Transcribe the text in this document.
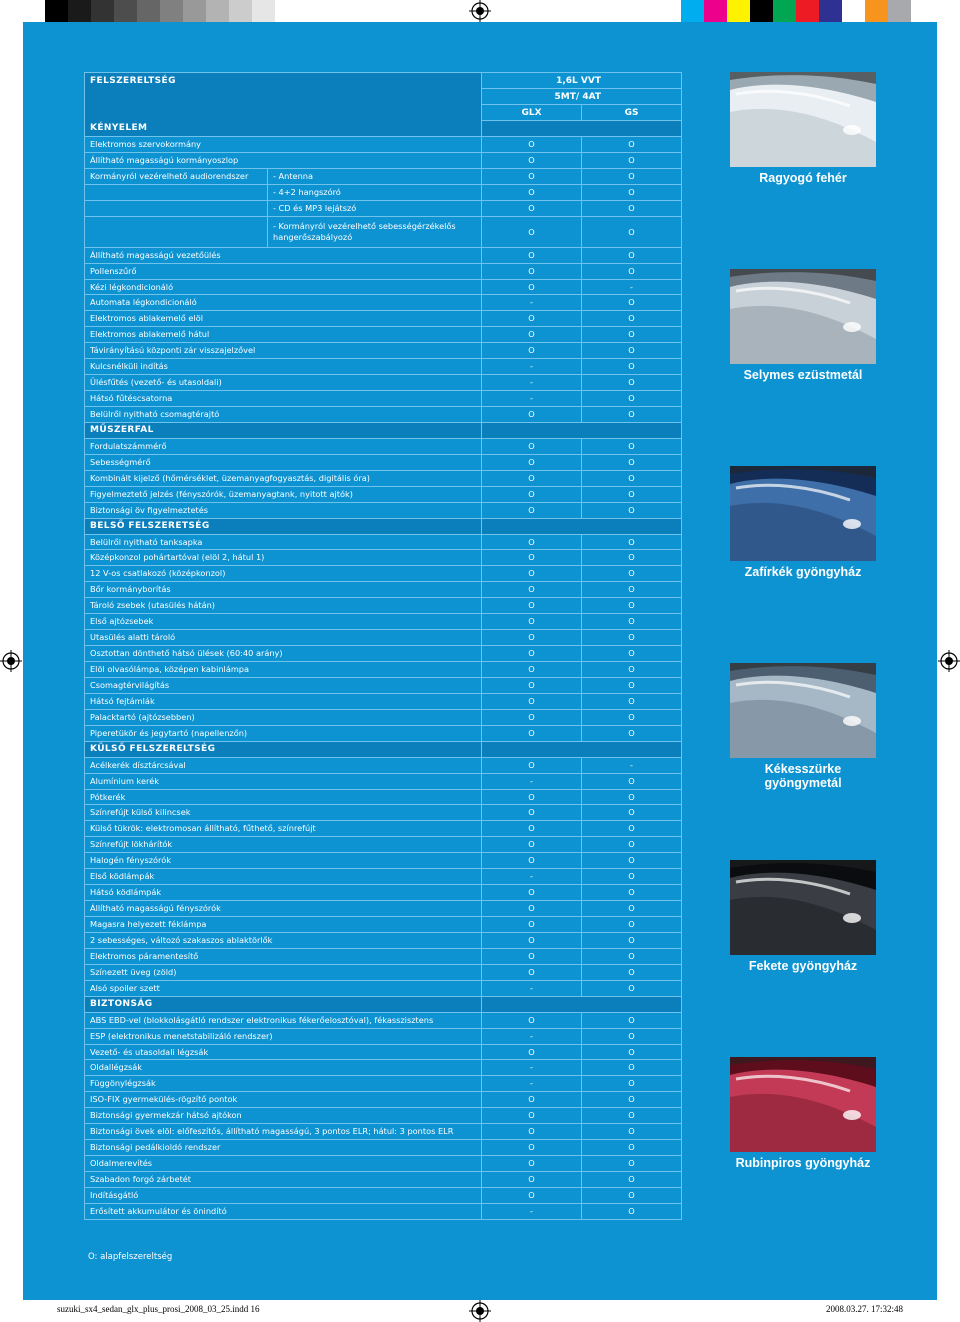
FELSZERELTSÉG	1,6L VVT
5MT/ 4AT
GLX	GS
KÉNYELEM
Elektromos szervokormány	O	O
Állítható magasságú kormányoszlop	O	O
Kormányról vezérelhető audiorendszer	- Antenna	O	O
- 4+2 hangszóró	O	O
- CD és MP3 lejátszó	O	O
- Kormányról vezérelhető sebességérzékelős hangerőszabályozó	O	O
Állítható magasságú vezetőülés	O	O
Pollenszűrő	O	O
Kézi légkondicionáló	O	-
Automata légkondicionáló	-	O
Elektromos ablakemelő elöl	O	O
Elektromos ablakemelő hátul	O	O
Távirányítású központi zár visszajelzővel	O	O
Kulcsnélküli indítás	-	O
Ülésfűtés (vezető- és utasoldali)	-	O
Hátsó fűtéscsatorna	-	O
Belülről nyitható csomagtérajtó	O	O
MŰSZERFAL
Fordulatszámmérő	O	O
Sebességmérő	O	O
Kombinált kijelző (hőmérséklet, üzemanyagfogyasztás, digitális óra)	O	O
Figyelmeztető jelzés (fényszórók, üzemanyagtank, nyitott ajtók)	O	O
Biztonsági öv figyelmeztetés	O	O
BELSŐ FELSZERETSÉG
Belülről nyitható tanksapka	O	O
Középkonzol pohártartóval (elöl 2, hátul 1)	O	O
12 V-os csatlakozó (középkonzol)	O	O
Bőr kormányborítás	O	O
Tároló zsebek (utasülés hátán)	O	O
Első ajtózsebek	O	O
Utasülés alatti tároló	O	O
Osztottan dönthető hátsó ülések (60:40 arány)	O	O
Elöl olvasólámpa, középen kabinlámpa	O	O
Csomagtérvilágítás	O	O
Hátsó fejtámlák	O	O
Palacktartó (ajtózsebben)	O	O
Piperetükör és jegytartó (napellenzőn)	O	O
KÜLSŐ FELSZERELTSÉG
Acélkerék dísztárcsával	O	-
Alumínium kerék	-	O
Pótkerék	O	O
Színrefújt külső kilincsek	O	O
Külső tükrök: elektromosan állítható, fűthető, színrefújt	O	O
Színrefújt lökhárítók	O	O
Halogén fényszórók	O	O
Első ködlámpák	-	O
Hátsó ködlámpák	O	O
Állítható magasságú fényszórók	O	O
Magasra helyezett féklámpa	O	O
2 sebességes, változó szakaszos ablaktörlők	O	O
Elektromos páramentesítő	O	O
Színezett üveg (zöld)	O	O
Alsó spoiler szett	-	O
BIZTONSÁG
ABS EBD-vel (blokkolásgátló rendszer elektronikus fékerőelosztóval), fékasszisztens	O	O
ESP (elektronikus menetstabilizáló rendszer)	-	O
Vezető- és utasoldali légzsák	O	O
Oldallégzsák	-	O
Függönylégzsák	-	O
ISO-FIX gyermekülés-rögzítő pontok	O	O
Biztonsági gyermekzár hátsó ajtókon	O	O
Biztonsági övek elöl: előfeszítős, állítható magasságú, 3 pontos ELR; hátul: 3 pontos ELR	O	O
Biztonsági pedálkioldó rendszer	O	O
Oldalmerevítés	O	O
Szabadon forgó zárbetét	O	O
Indításgátló	O	O
Erősített akkumulátor és önindító	-	O
O: alapfelszereltség
Ragyogó fehér
Selymes ezüstmetál
Zafírkék gyöngyház
Kékesszürke gyöngymetál
Fekete gyöngyház
Rubinpiros gyöngyház
suzuki_sx4_sedan_glx_plus_prosi_2008_03_25.indd 16	2008.03.27. 17:32:48
